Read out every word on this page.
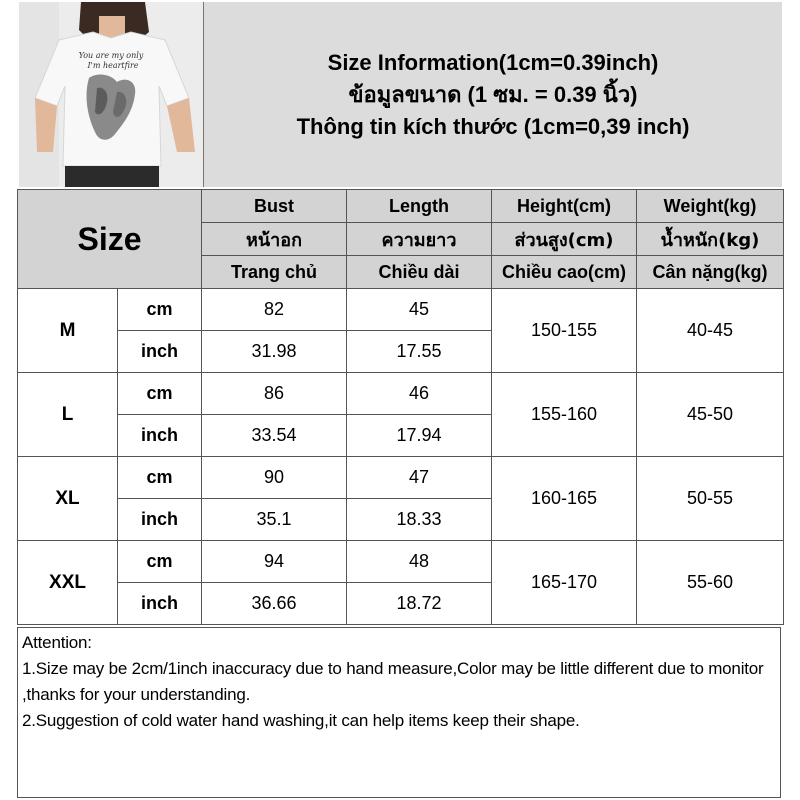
You are my only
I'm heartfire	Size Information(1cm=0.39inch)
ข้อมูลขนาด (1 ซม. = 0.39 นิ้ว)
Thông tin kích thước (1cm=0,39 inch)
Size		Bust	Length	Height(cm)	Weight(kg)
		หน้าอก	ความยาว	ส่วนสูง(cm)	น้ำหนัก(kg)
		Trang chủ	Chiều dài	Chiều cao(cm)	Cân nặng(kg)
M	cm	82	45	150-155	40-45
	inch	31.98	17.55		
L	cm	86	46	155-160	45-50
	inch	33.54	17.94		
XL	cm	90	47	160-165	50-55
	inch	35.1	18.33		
XXL	cm	94	48	165-170	55-60
	inch	36.66	18.72		
Attention:
1.Size may be 2cm/1inch inaccuracy due to hand measure,Color may be little different due to monitor ,thanks for your understanding.
2.Suggestion of cold water hand washing,it can help items keep their shape.
